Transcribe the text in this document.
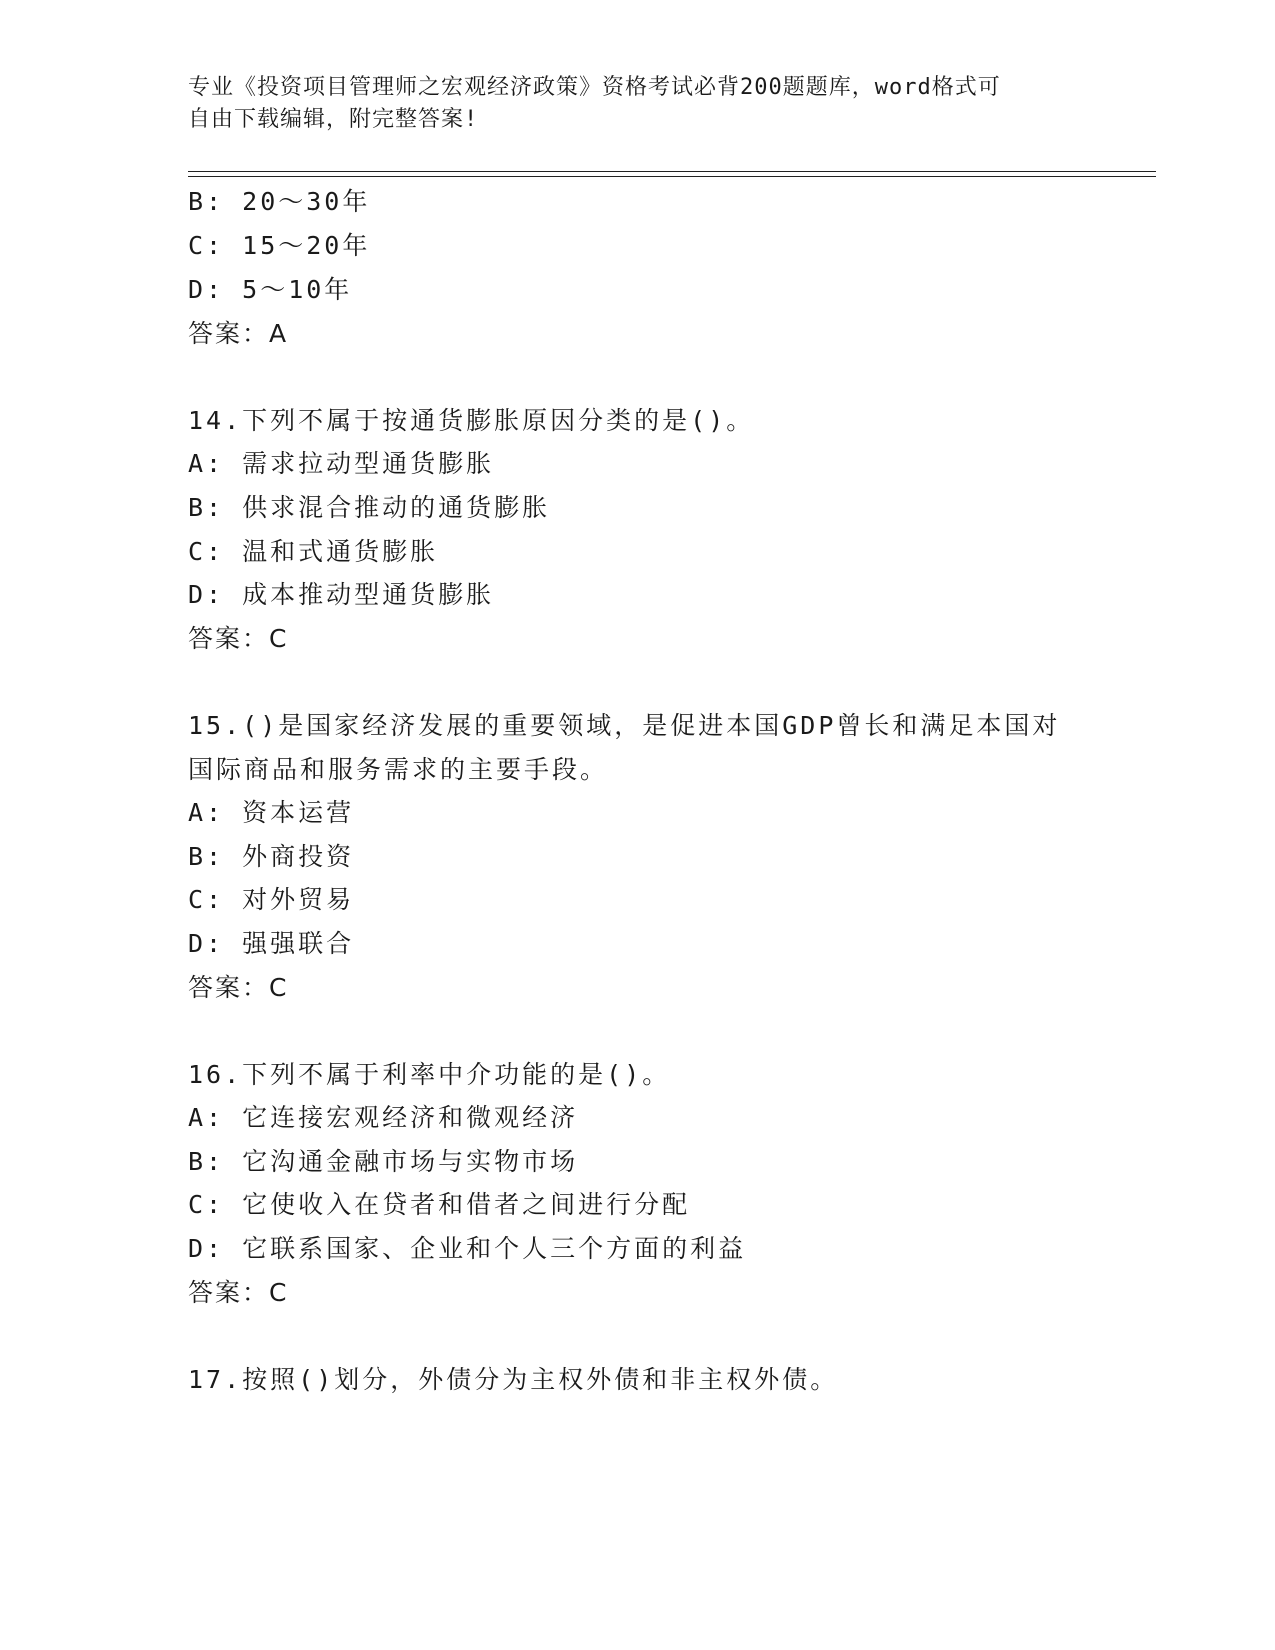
专业《投资项目管理师之宏观经济政策》资格考试必背200题题库，word格式可
自由下载编辑，附完整答案!
B: 20～30年
C: 15～20年
D: 5～10年
答案：A
14.下列不属于按通货膨胀原因分类的是()。
A: 需求拉动型通货膨胀
B: 供求混合推动的通货膨胀
C: 温和式通货膨胀
D: 成本推动型通货膨胀
答案：C
15.()是国家经济发展的重要领域，是促进本国GDP曾长和满足本国对
国际商品和服务需求的主要手段。
A: 资本运营
B: 外商投资
C: 对外贸易
D: 强强联合
答案：C
16.下列不属于利率中介功能的是()。
A: 它连接宏观经济和微观经济
B: 它沟通金融市场与实物市场
C: 它使收入在贷者和借者之间进行分配
D: 它联系国家、企业和个人三个方面的利益
答案：C
17.按照()划分，外债分为主权外债和非主权外债。
